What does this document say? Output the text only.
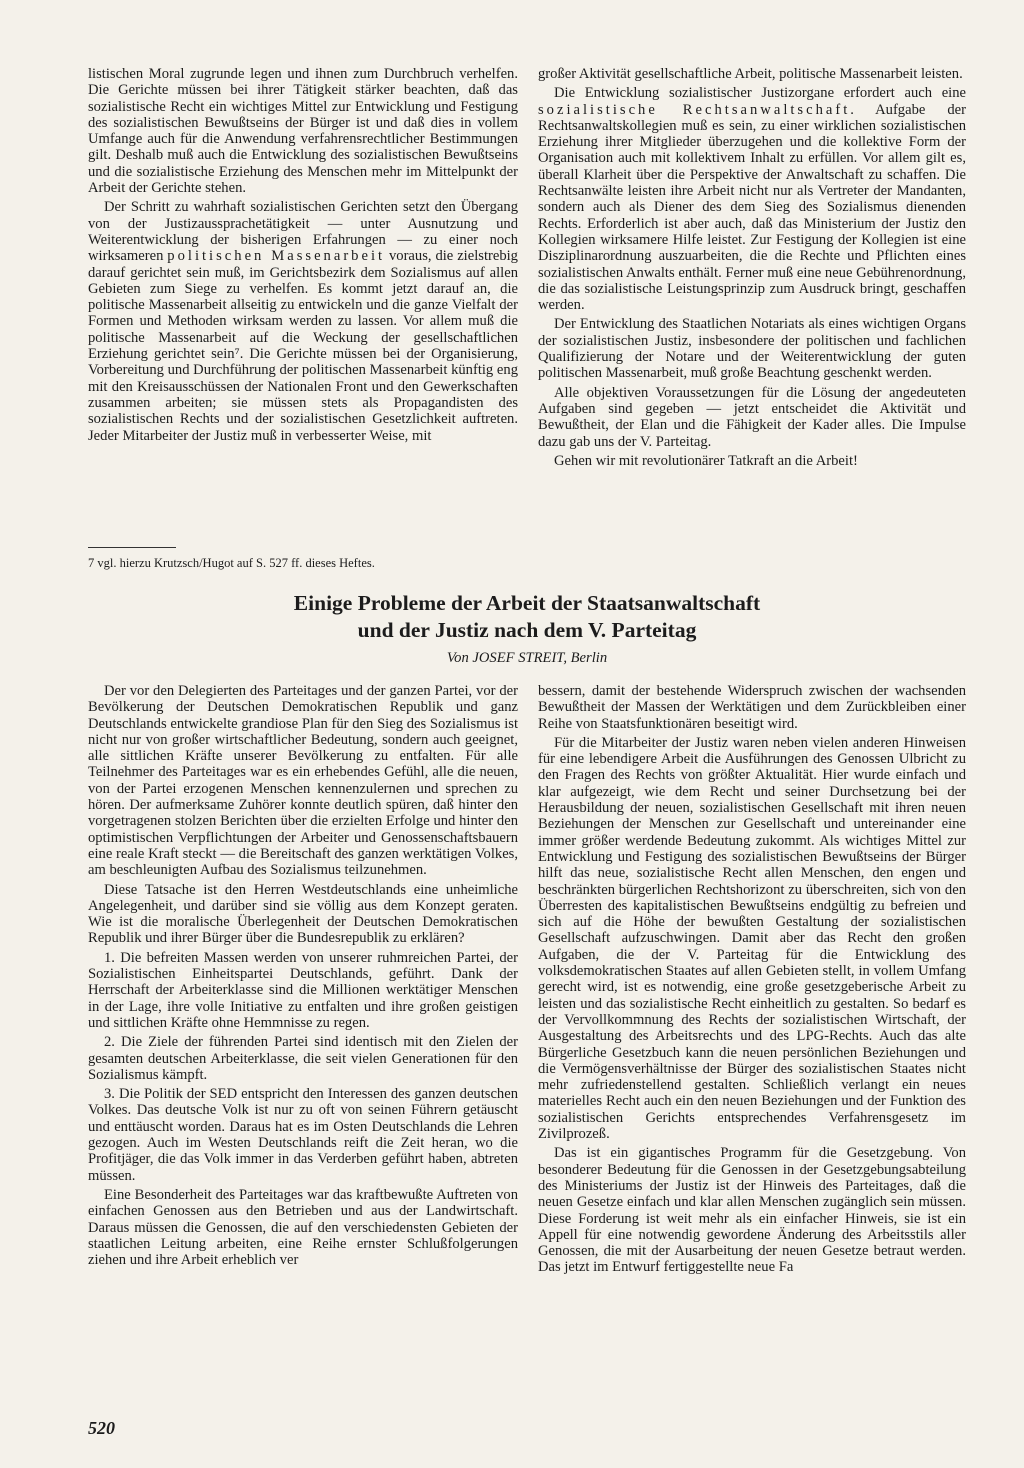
listischen Moral zugrunde legen und ihnen zum Durchbruch verhelfen. Die Gerichte müssen bei ihrer Tätigkeit stärker beachten, daß das sozialistische Recht ein wichtiges Mittel zur Entwicklung und Festigung des sozialistischen Bewußtseins der Bürger ist und daß dies in vollem Umfange auch für die Anwendung verfahrensrechtlicher Bestimmungen gilt. Deshalb muß auch die Entwicklung des sozialistischen Bewußtseins und die sozialistische Erziehung des Menschen mehr im Mittelpunkt der Arbeit der Gerichte stehen.

Der Schritt zu wahrhaft sozialistischen Gerichten setzt den Übergang von der Justizaussprachetätigkeit — unter Ausnutzung und Weiterentwicklung der bisherigen Erfahrungen — zu einer noch wirksameren politischen Massenarbeit voraus, die zielstrebig darauf gerichtet sein muß, im Gerichtsbezirk dem Sozialismus auf allen Gebieten zum Siege zu verhelfen. Es kommt jetzt darauf an, die politische Massenarbeit allseitig zu entwickeln und die ganze Vielfalt der Formen und Methoden wirksam werden zu lassen. Vor allem muß die politische Massenarbeit auf die Weckung der gesellschaftlichen Erziehung gerichtet sein⁷. Die Gerichte müssen bei der Organisierung, Vorbereitung und Durchführung der politischen Massenarbeit künftig eng mit den Kreisausschüssen der Nationalen Front und den Gewerkschaften zusammen arbeiten; sie müssen stets als Propagandisten des sozialistischen Rechts und der sozialistischen Gesetzlichkeit auftreten. Jeder Mitarbeiter der Justiz muß in verbesserter Weise, mit

großer Aktivität gesellschaftliche Arbeit, politische Massenarbeit leisten.

Die Entwicklung sozialistischer Justizorgane erfordert auch eine sozialistische Rechtsanwaltschaft. Aufgabe der Rechtsanwaltskollegien muß es sein, zu einer wirklichen sozialistischen Erziehung ihrer Mitglieder überzugehen und die kollektive Form der Organisation auch mit kollektivem Inhalt zu erfüllen. Vor allem gilt es, überall Klarheit über die Perspektive der Anwaltschaft zu schaffen. Die Rechtsanwälte leisten ihre Arbeit nicht nur als Vertreter der Mandanten, sondern auch als Diener des dem Sieg des Sozialismus dienenden Rechts. Erforderlich ist aber auch, daß das Ministerium der Justiz den Kollegien wirksamere Hilfe leistet. Zur Festigung der Kollegien ist eine Disziplinarordnung auszuarbeiten, die die Rechte und Pflichten eines sozialistischen Anwalts enthält. Ferner muß eine neue Gebührenordnung, die das sozialistische Leistungsprinzip zum Ausdruck bringt, geschaffen werden.

Der Entwicklung des Staatlichen Notariats als eines wichtigen Organs der sozialistischen Justiz, insbesondere der politischen und fachlichen Qualifizierung der Notare und der Weiterentwicklung der guten politischen Massenarbeit, muß große Beachtung geschenkt werden.

Alle objektiven Voraussetzungen für die Lösung der angedeuteten Aufgaben sind gegeben — jetzt entscheidet die Aktivität und Bewußtheit, der Elan und die Fähigkeit der Kader alles. Die Impulse dazu gab uns der V. Parteitag.

Gehen wir mit revolutionärer Tatkraft an die Arbeit!

7 vgl. hierzu Krutzsch/Hugot auf S. 527 ff. dieses Heftes.
Einige Probleme der Arbeit der Staatsanwaltschaft
und der Justiz nach dem V. Parteitag
Von JOSEF STREIT, Berlin

Der vor den Delegierten des Parteitages und der ganzen Partei, vor der Bevölkerung der Deutschen Demokratischen Republik und ganz Deutschlands entwickelte grandiose Plan für den Sieg des Sozialismus ist nicht nur von großer wirtschaftlicher Bedeutung, sondern auch geeignet, alle sittlichen Kräfte unserer Bevölkerung zu entfalten. Für alle Teilnehmer des Parteitages war es ein erhebendes Gefühl, alle die neuen, von der Partei erzogenen Menschen kennenzulernen und sprechen zu hören. Der aufmerksame Zuhörer konnte deutlich spüren, daß hinter den vorgetragenen stolzen Berichten über die erzielten Erfolge und hinter den optimistischen Verpflichtungen der Arbeiter und Genossenschaftsbauern eine reale Kraft steckt — die Bereitschaft des ganzen werktätigen Volkes, am beschleunigten Aufbau des Sozialismus teilzunehmen.

Diese Tatsache ist den Herren Westdeutschlands eine unheimliche Angelegenheit, und darüber sind sie völlig aus dem Konzept geraten. Wie ist die moralische Überlegenheit der Deutschen Demokratischen Republik und ihrer Bürger über die Bundesrepublik zu erklären?

1. Die befreiten Massen werden von unserer ruhmreichen Partei, der Sozialistischen Einheitspartei Deutschlands, geführt. Dank der Herrschaft der Arbeiterklasse sind die Millionen werktätiger Menschen in der Lage, ihre volle Initiative zu entfalten und ihre großen geistigen und sittlichen Kräfte ohne Hemmnisse zu regen.

2. Die Ziele der führenden Partei sind identisch mit den Zielen der gesamten deutschen Arbeiterklasse, die seit vielen Generationen für den Sozialismus kämpft.

3. Die Politik der SED entspricht den Interessen des ganzen deutschen Volkes. Das deutsche Volk ist nur zu oft von seinen Führern getäuscht und enttäuscht worden. Daraus hat es im Osten Deutschlands die Lehren gezogen. Auch im Westen Deutschlands reift die Zeit heran, wo die Profitjäger, die das Volk immer in das Verderben geführt haben, abtreten müssen.

Eine Besonderheit des Parteitages war das kraftbewußte Auftreten von einfachen Genossen aus den Betrieben und aus der Landwirtschaft. Daraus müssen die Genossen, die auf den verschiedensten Gebieten der staatlichen Leitung arbeiten, eine Reihe ernster Schlußfolgerungen ziehen und ihre Arbeit erheblich ver

bessern, damit der bestehende Widerspruch zwischen der wachsenden Bewußtheit der Massen der Werktätigen und dem Zurückbleiben einer Reihe von Staatsfunktionären beseitigt wird.

Für die Mitarbeiter der Justiz waren neben vielen anderen Hinweisen für eine lebendigere Arbeit die Ausführungen des Genossen Ulbricht zu den Fragen des Rechts von größter Aktualität. Hier wurde einfach und klar aufgezeigt, wie dem Recht und seiner Durchsetzung bei der Herausbildung der neuen, sozialistischen Gesellschaft mit ihren neuen Beziehungen der Menschen zur Gesellschaft und untereinander eine immer größer werdende Bedeutung zukommt. Als wichtiges Mittel zur Entwicklung und Festigung des sozialistischen Bewußtseins der Bürger hilft das neue, sozialistische Recht allen Menschen, den engen und beschränkten bürgerlichen Rechtshorizont zu überschreiten, sich von den Überresten des kapitalistischen Bewußtseins endgültig zu befreien und sich auf die Höhe der bewußten Gestaltung der sozialistischen Gesellschaft aufzuschwingen. Damit aber das Recht den großen Aufgaben, die der V. Parteitag für die Entwicklung des volksdemokratischen Staates auf allen Gebieten stellt, in vollem Umfang gerecht wird, ist es notwendig, eine große gesetzgeberische Arbeit zu leisten und das sozialistische Recht einheitlich zu gestalten. So bedarf es der Vervollkommnung des Rechts der sozialistischen Wirtschaft, der Ausgestaltung des Arbeitsrechts und des LPG-Rechts. Auch das alte Bürgerliche Gesetzbuch kann die neuen persönlichen Beziehungen und die Vermögensverhältnisse der Bürger des sozialistischen Staates nicht mehr zufriedenstellend gestalten. Schließlich verlangt ein neues materielles Recht auch ein den neuen Beziehungen und der Funktion des sozialistischen Gerichts entsprechendes Verfahrensgesetz im Zivilprozeß.

Das ist ein gigantisches Programm für die Gesetzgebung. Von besonderer Bedeutung für die Genossen in der Gesetzgebungsabteilung des Ministeriums der Justiz ist der Hinweis des Parteitages, daß die neuen Gesetze einfach und klar allen Menschen zugänglich sein müssen. Diese Forderung ist weit mehr als ein einfacher Hinweis, sie ist ein Appell für eine notwendig gewordene Änderung des Arbeitsstils aller Genossen, die mit der Ausarbeitung der neuen Gesetze betraut werden. Das jetzt im Entwurf fertiggestellte neue Fa

520
